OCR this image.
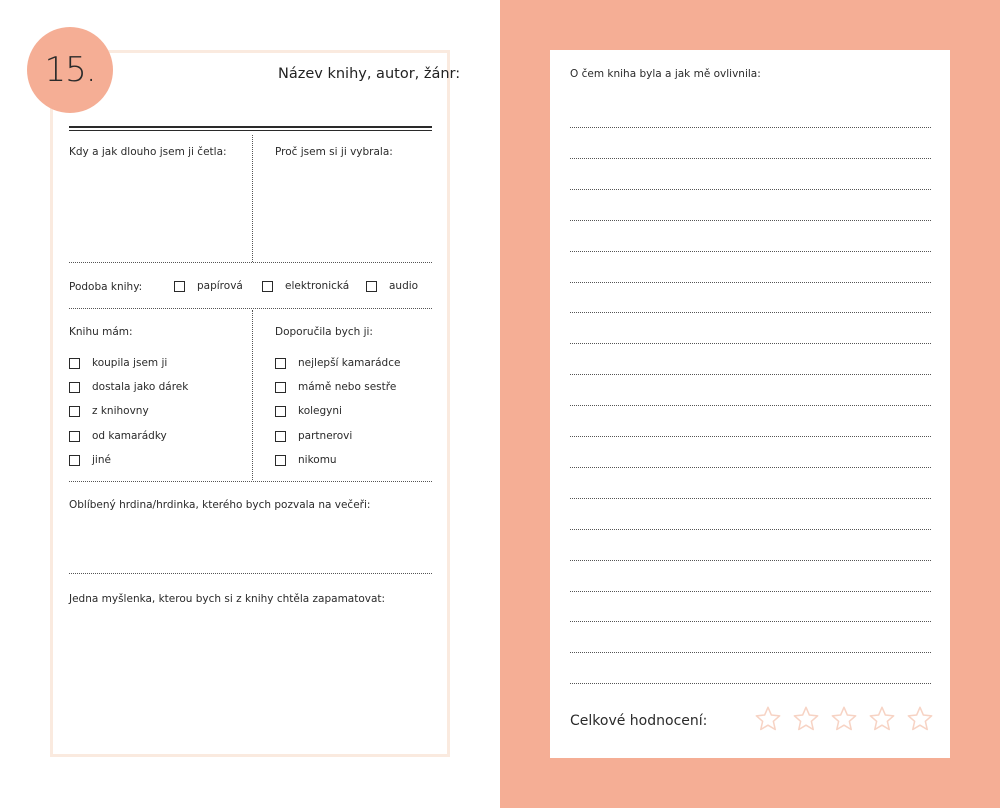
15.	Název knihy, autor, žánr:
Kdy a jak dlouho jsem ji četla:	Proč jsem si ji vybrala:
Podoba knihy:	papírová	elektronická	audio
Knihu mám:	Doporučila bych ji:
koupila jsem ji
dostala jako dárek
z knihovny
od kamarádky
jiné
nejlepší kamarádce
mámě nebo sestře
kolegyni
partnerovi
nikomu
Oblíbený hrdina/hrdinka, kterého bych pozvala na večeři:
Jedna myšlenka, kterou bych si z knihy chtěla zapamatovat:
O čem kniha byla a jak mě ovlivnila:
Celkové hodnocení:
